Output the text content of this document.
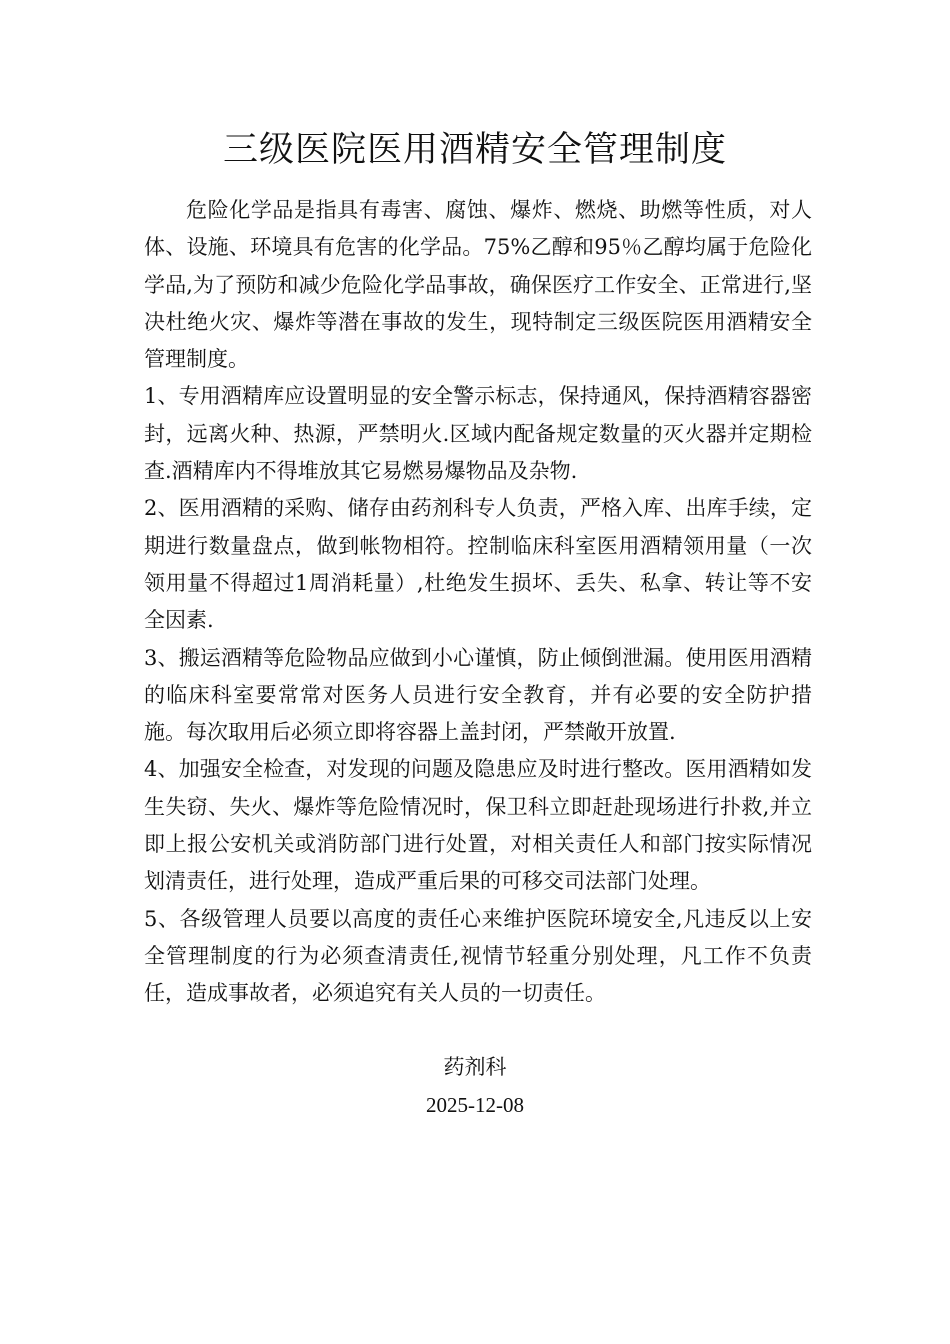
三级医院医用酒精安全管理制度

危险化学品是指具有毒害、腐蚀、爆炸、燃烧、助燃等性质，对人体、设施、环境具有危害的化学品。75%乙醇和95％乙醇均属于危险化学品,为了预防和减少危险化学品事故，确保医疗工作安全、正常进行,坚决杜绝火灾、爆炸等潜在事故的发生，现特制定三级医院医用酒精安全管理制度。

1、专用酒精库应设置明显的安全警示标志，保持通风，保持酒精容器密封，远离火种、热源，严禁明火.区域内配备规定数量的灭火器并定期检查.酒精库内不得堆放其它易燃易爆物品及杂物.

2、医用酒精的采购、储存由药剂科专人负责，严格入库、出库手续，定期进行数量盘点，做到帐物相符。控制临床科室医用酒精领用量（一次领用量不得超过1周消耗量）,杜绝发生损坏、丢失、私拿、转让等不安全因素.

3、搬运酒精等危险物品应做到小心谨慎，防止倾倒泄漏。使用医用酒精的临床科室要常常对医务人员进行安全教育，并有必要的安全防护措施。每次取用后必须立即将容器上盖封闭，严禁敞开放置.

4、加强安全检查，对发现的问题及隐患应及时进行整改。医用酒精如发生失窃、失火、爆炸等危险情况时，保卫科立即赶赴现场进行扑救,并立即上报公安机关或消防部门进行处置，对相关责任人和部门按实际情况划清责任，进行处理，造成严重后果的可移交司法部门处理。

5、各级管理人员要以高度的责任心来维护医院环境安全,凡违反以上安全管理制度的行为必须查清责任,视情节轻重分别处理，凡工作不负责任，造成事故者，必须追究有关人员的一切责任。

药剂科

2025-12-08
